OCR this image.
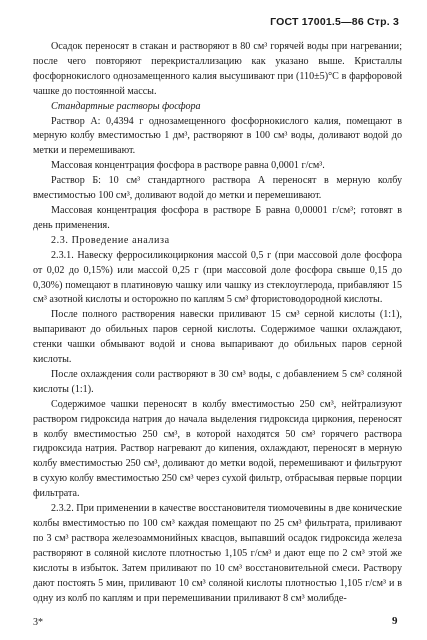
ГОСТ 17001.5—86 Стр. 3

Осадок переносят в стакан и растворяют в 80 см³ горячей воды при нагревании; после чего повторяют перекристаллизацию как указано выше. Кристаллы фосфорнокислого однозамещенного калия высушивают при (110±5)°С в фарфоровой чашке до постоянной массы.

Стандартные растворы фосфора

Раствор А: 0,4394 г однозамещенного фосфорнокислого калия, помещают в мерную колбу вместимостью 1 дм³, растворяют в 100 см³ воды, доливают водой до метки и перемешивают.

Массовая концентрация фосфора в растворе равна 0,0001 г/см³.

Раствор Б: 10 см³ стандартного раствора А переносят в мерную колбу вместимостью 100 см³, доливают водой до метки и перемешивают.

Массовая концентрация фосфора в растворе Б равна 0,00001 г/см³; готовят в день применения.

2.3. Проведение анализа

2.3.1. Навеску ферросиликоциркония массой 0,5 г (при массовой доле фосфора от 0,02 до 0,15%) или массой 0,25 г (при массовой доле фосфора свыше 0,15 до 0,30%) помещают в платиновую чашку или чашку из стеклоуглерода, прибавляют 15 см³ азотной кислоты и осторожно по каплям 5 см³ фтористоводородной кислоты.

После полного растворения навески приливают 15 см³ серной кислоты (1:1), выпаривают до обильных паров серной кислоты. Содержимое чашки охлаждают, стенки чашки обмывают водой и снова выпаривают до обильных паров серной кислоты.

После охлаждения соли растворяют в 30 см³ воды, с добавлением 5 см³ соляной кислоты (1:1).

Содержимое чашки переносят в колбу вместимостью 250 см³, нейтрализуют раствором гидроксида натрия до начала выделения гидроксида циркония, переносят в колбу вместимостью 250 см³, в которой находятся 50 см³ горячего раствора гидроксида натрия. Раствор нагревают до кипения, охлаждают, переносят в мерную колбу вместимостью 250 см³, доливают до метки водой, перемешивают и фильтруют в сухую колбу вместимостью 250 см³ через сухой фильтр, отбрасывая первые порции фильтрата.

2.3.2. При применении в качестве восстановителя тиомочевины в две конические колбы вместимостью по 100 см³ каждая помещают по 25 см³ фильтрата, приливают по 3 см³ раствора железоаммонийных квасцов, выпавший осадок гидроксида железа растворяют в соляной кислоте плотностью 1,105 г/см³ и дают еще по 2 см³ этой же кислоты в избыток. Затем приливают по 10 см³ восстановительной смеси. Раствору дают постоять 5 мин, приливают 10 см³ соляной кислоты плотностью 1,105 г/см³ и в одну из колб по каплям и при перемешивании приливают 8 см³ молибде-

3*	9
